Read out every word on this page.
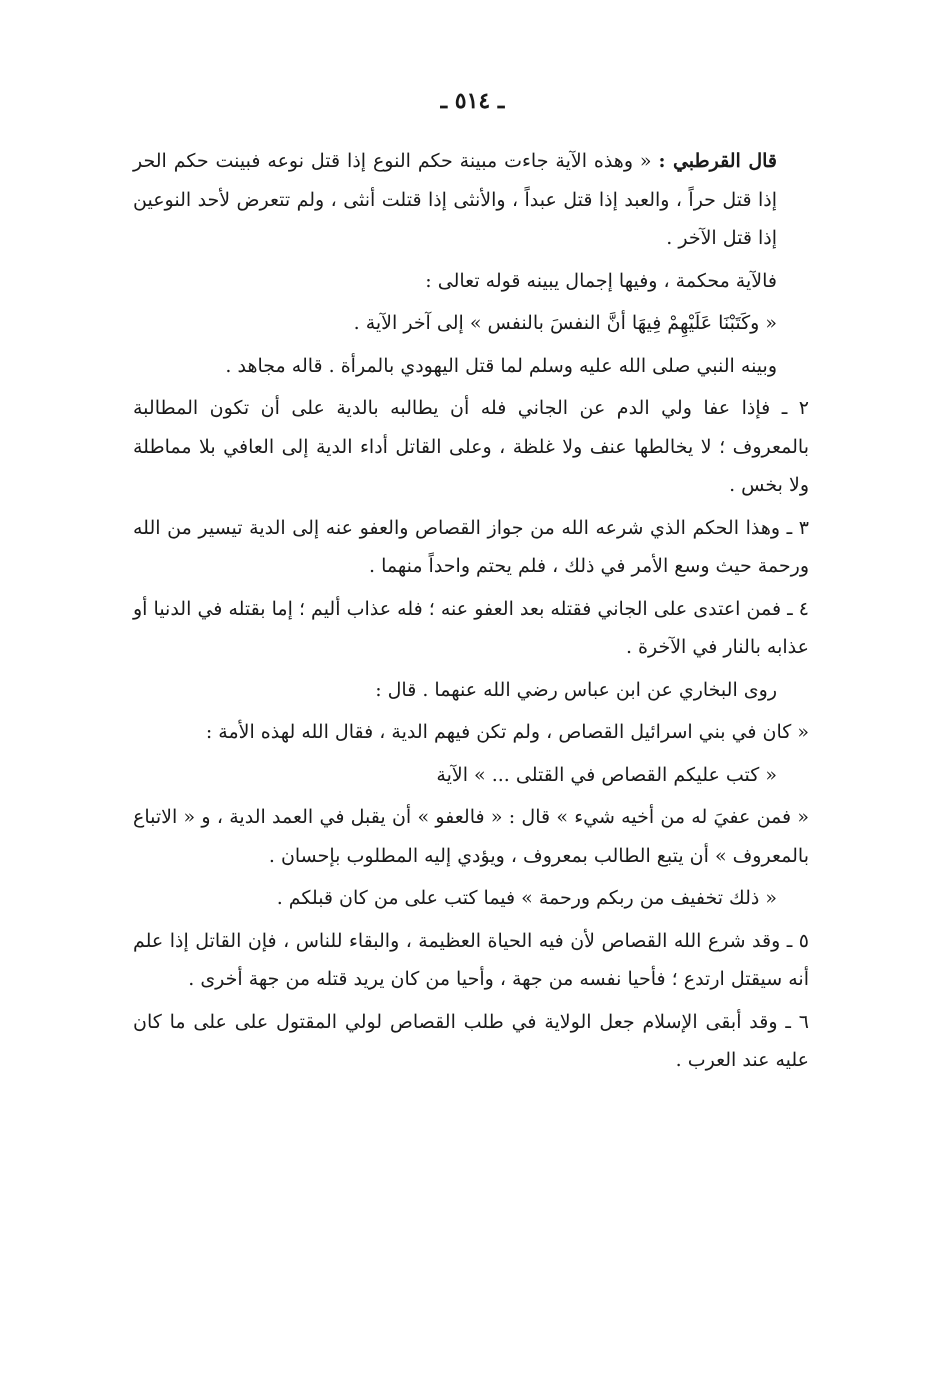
ـ ٥١٤ ـ

قال القرطبي : « وهذه الآية جاءت مبينة حكم النوع إذا قتل نوعه فبينت حكم الحر إذا قتل حراً ، والعبد إذا قتل عبداً ، والأنثى إذا قتلت أنثى ، ولم تتعرض لأحد النوعين إذا قتل الآخر .

فالآية محكمة ، وفيها إجمال يبينه قوله تعالى :

« وكَتَبْنَا عَلَيْهِمْ فِيهَا أنَّ النفسَ بالنفس » إلى آخر الآية .

وبينه النبي صلى الله عليه وسلم لما قتل اليهودي بالمرأة . قاله مجاهد .

٢ ـ فإذا عفا ولي الدم عن الجاني فله أن يطالبه بالدية على أن تكون المطالبة بالمعروف ؛ لا يخالطها عنف ولا غلظة ، وعلى القاتل أداء الدية إلى العافي بلا مماطلة ولا بخس .

٣ ـ وهذا الحكم الذي شرعه الله من جواز القصاص والعفو عنه إلى الدية تيسير من الله ورحمة حيث وسع الأمر في ذلك ، فلم يحتم واحداً منهما .

٤ ـ فمن اعتدى على الجاني فقتله بعد العفو عنه ؛ فله عذاب أليم ؛ إما بقتله في الدنيا أو عذابه بالنار في الآخرة .

روى البخاري عن ابن عباس رضي الله عنهما . قال :

« كان في بني اسرائيل القصاص ، ولم تكن فيهم الدية ، فقال الله لهذه الأمة :

« كتب عليكم القصاص في القتلى ... » الآية

« فمن عفيَ له من أخيه شيء » قال : « فالعفو » أن يقبل في العمد الدية ، و « الاتباع بالمعروف » أن يتبع الطالب بمعروف ، ويؤدي إليه المطلوب بإحسان .

« ذلك تخفيف من ربكم ورحمة » فيما كتب على من كان قبلكم .

٥ ـ وقد شرع الله القصاص لأن فيه الحياة العظيمة ، والبقاء للناس ، فإن القاتل إذا علم أنه سيقتل ارتدع ؛ فأحيا نفسه من جهة ، وأحيا من كان يريد قتله من جهة أخرى .

٦ ـ وقد أبقى الإسلام جعل الولاية في طلب القصاص لولي المقتول على على ما كان عليه عند العرب .
